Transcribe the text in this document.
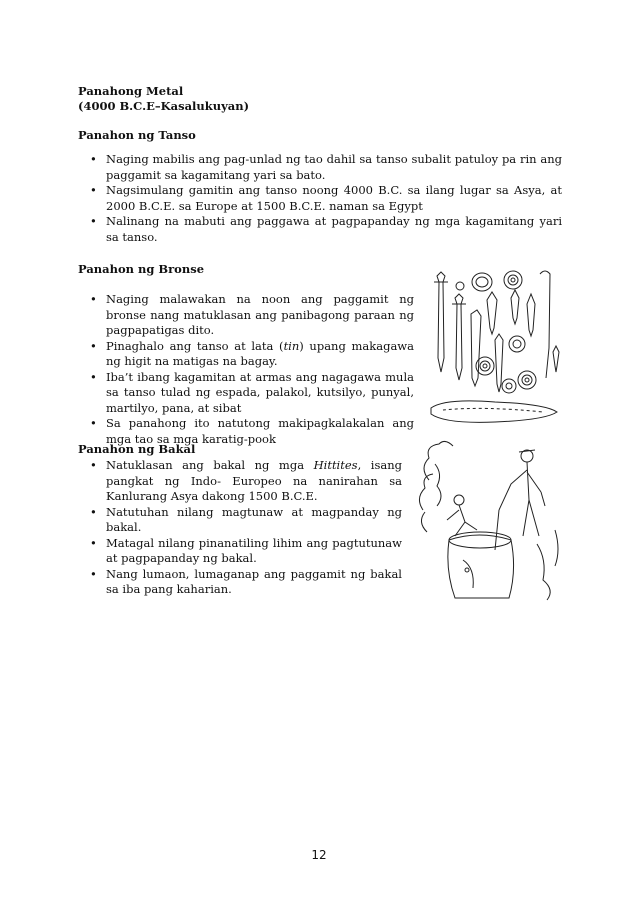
Panahong Metal

(4000 B.C.E–Kasalukuyan)

Panahon ng Tanso

• Naging mabilis ang pag-unlad ng tao dahil sa tanso subalit patuloy pa rin ang paggamit sa kagamitang yari sa bato.
• Nagsimulang gamitin ang tanso noong 4000 B.C. sa ilang lugar sa Asya, at 2000 B.C.E. sa Europe at 1500 B.C.E. naman sa Egypt
• Nalinang na mabuti ang paggawa at pagpapanday ng mga kagamitang yari sa tanso.

Panahon ng Bronse

• Naging malawakan na noon ang paggamit ng bronse nang matuklasan ang panibagong paraan ng pagpapatigas dito.
• Pinaghalo ang tanso at lata (tin) upang makagawa ng higit na matigas na bagay.
• Iba’t ibang kagamitan at armas ang nagagawa mula sa tanso tulad ng espada, palakol, kutsilyo, punyal, martilyo, pana, at sibat
• Sa panahong ito natutong makipagkalakalan ang mga tao sa mga karatig-pook

Panahon ng Bakal

• Natuklasan ang bakal ng mga Hittites, isang pangkat ng Indo- Europeo na nanirahan sa Kanlurang Asya dakong 1500 B.C.E.
• Natutuhan nilang magtunaw at magpanday ng bakal.
• Matagal nilang pinanatiling lihim ang pagtutunaw at pagpapanday ng bakal.
• Nang lumaon, lumaganap ang paggamit ng bakal sa iba pang kaharian.
12
